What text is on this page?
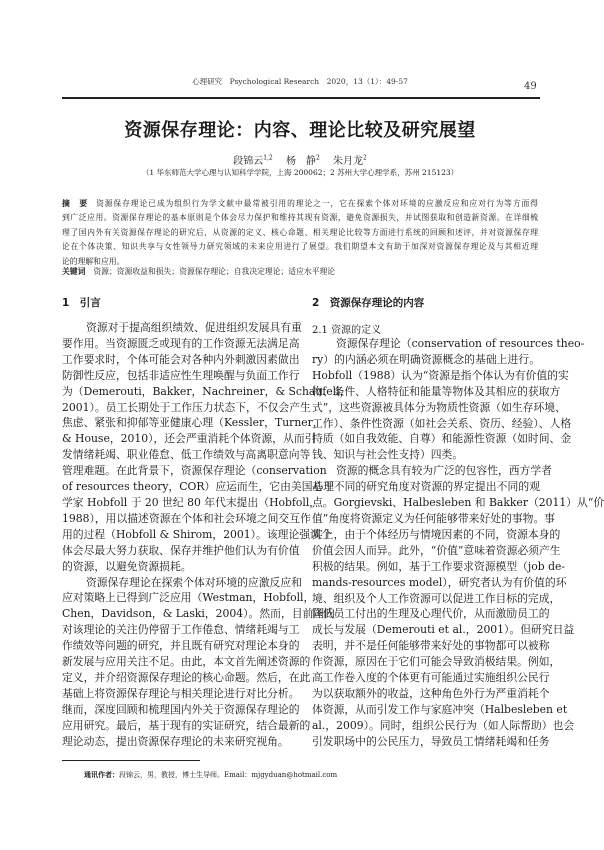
心理研究　Psychological Research　2020，13（1）：49-57	49
资源保存理论：内容、理论比较及研究展望
段锦云$^{1,2}$ 杨　静$^2$ 朱月龙$^2$
（1 华东师范大学心理与认知科学学院，上海 200062；2 苏州大学心理学系，苏州 215123）
摘　要 资源保存理论已成为组织行为学文献中最常被引用的理论之一，它在探索个体对环境的应激反应和应对行为等方面得
到广泛应用。资源保存理论的基本原则是个体会尽力保护和维持其现有资源，避免资源损失，并试图获取和创造新资源。在详细梳
理了国内外有关资源保存理论的研究后，从资源的定义、核心命题、相关理论比较等方面进行系统的回顾和述评，并对资源保存理
论在个体决策、知识共享与女性领导力研究领域的未来应用进行了展望。我们期望本文有助于加深对资源保存理论及与其相近理
论的理解和应用。
关键词 资源；资源收益和损失；资源保存理论；自我决定理论；适应水平理论
1　引言
资源对于提高组织绩效、促进组织发展具有重
要作用。当资源匮乏或现有的工作资源无法满足高
工作要求时，个体可能会对各种内外刺激因素做出
防御性反应，包括非适应性生理唤醒与负面工作行
为（Demerouti，Bakker，Nachreiner，& Schaufeli，
2001）。员工长期处于工作压力状态下，不仅会产生
焦虑、紧张和抑郁等亚健康心理（Kessler，Turner，
& House，2010），还会严重消耗个体资源，从而引
发情绪耗竭、职业倦怠、低工作绩效与高离职意向等
管理难题。在此背景下，资源保存理论（conservation
of resources theory，COR）应运而生，它由美国心理
学家 Hobfoll 于 20 世纪 80 年代末提出（Hobfoll，
1988），用以描述资源在个体和社会环境之间交互作
用的过程（Hobfoll & Shirom，2001）。该理论强调个
体会尽最大努力获取、保存并维护他们认为有价值
的资源，以避免资源损耗。
资源保存理论在探索个体对环境的应激反应和
应对策略上已得到广泛应用（Westman，Hobfoll，
Chen，Davidson，& Laski，2004）。然而，目前国内
对该理论的关注仍停留于工作倦怠、情绪耗竭与工
作绩效等问题的研究，并且既有研究对理论本身的
新发展与应用关注不足。由此，本文首先阐述资源的
定义，并介绍资源保存理论的核心命题。然后，在此
基础上将资源保存理论与相关理论进行对比分析。
继而，深度回顾和梳理国内外关于资源保存理论的
应用研究。最后，基于现有的实证研究，结合最新的
理论动态，提出资源保存理论的未来研究视角。
2　资源保存理论的内容
2.1 资源的定义
资源保存理论（conservation of resources theo-
ry）的内涵必须在明确资源概念的基础上进行。
Hobfoll（1988）认为“资源是指个体认为有价值的实
物、条件、人格特征和能量等物体及其相应的获取方
式”，这些资源被具体分为物质性资源（如生存环境、
工作）、条件性资源（如社会关系、资历、经验）、人格
特质（如自我效能、自尊）和能源性资源（如时间、金
钱、知识与社会性支持）四类。
资源的概念具有较为广泛的包容性，西方学者
基于不同的研究角度对资源的界定提出不同的观
点。Gorgievski、Halbesleben 和 Bakker（2011）从“价
值”角度将资源定义为任何能够带来好处的事物。事
实上，由于个体经历与情境因素的不同，资源本身的
价值会因人而异。此外，“价值”意味着资源必须产生
积极的结果。例如，基于工作要求资源模型（job de-
mands-resources model），研究者认为有价值的环
境、组织及个人工作资源可以促进工作目标的完成，
降低员工付出的生理及心理代价，从而激励员工的
成长与发展（Demerouti et al.，2001）。但研究日益
表明，并不是任何能够带来好处的事物都可以被称
作资源，原因在于它们可能会导致消极结果。例如，
高工作卷入度的个体更有可能通过实施组织公民行
为以获取额外的收益，这种角色外行为严重消耗个
体资源，从而引发工作与家庭冲突（Halbesleben et
al.，2009）。同时，组织公民行为（如人际帮助）也会
引发职场中的公民压力，导致员工情绪耗竭和任务
通讯作者：段锦云，男，教授，博士生导师。Email：mjgyduan@hotmail.com
